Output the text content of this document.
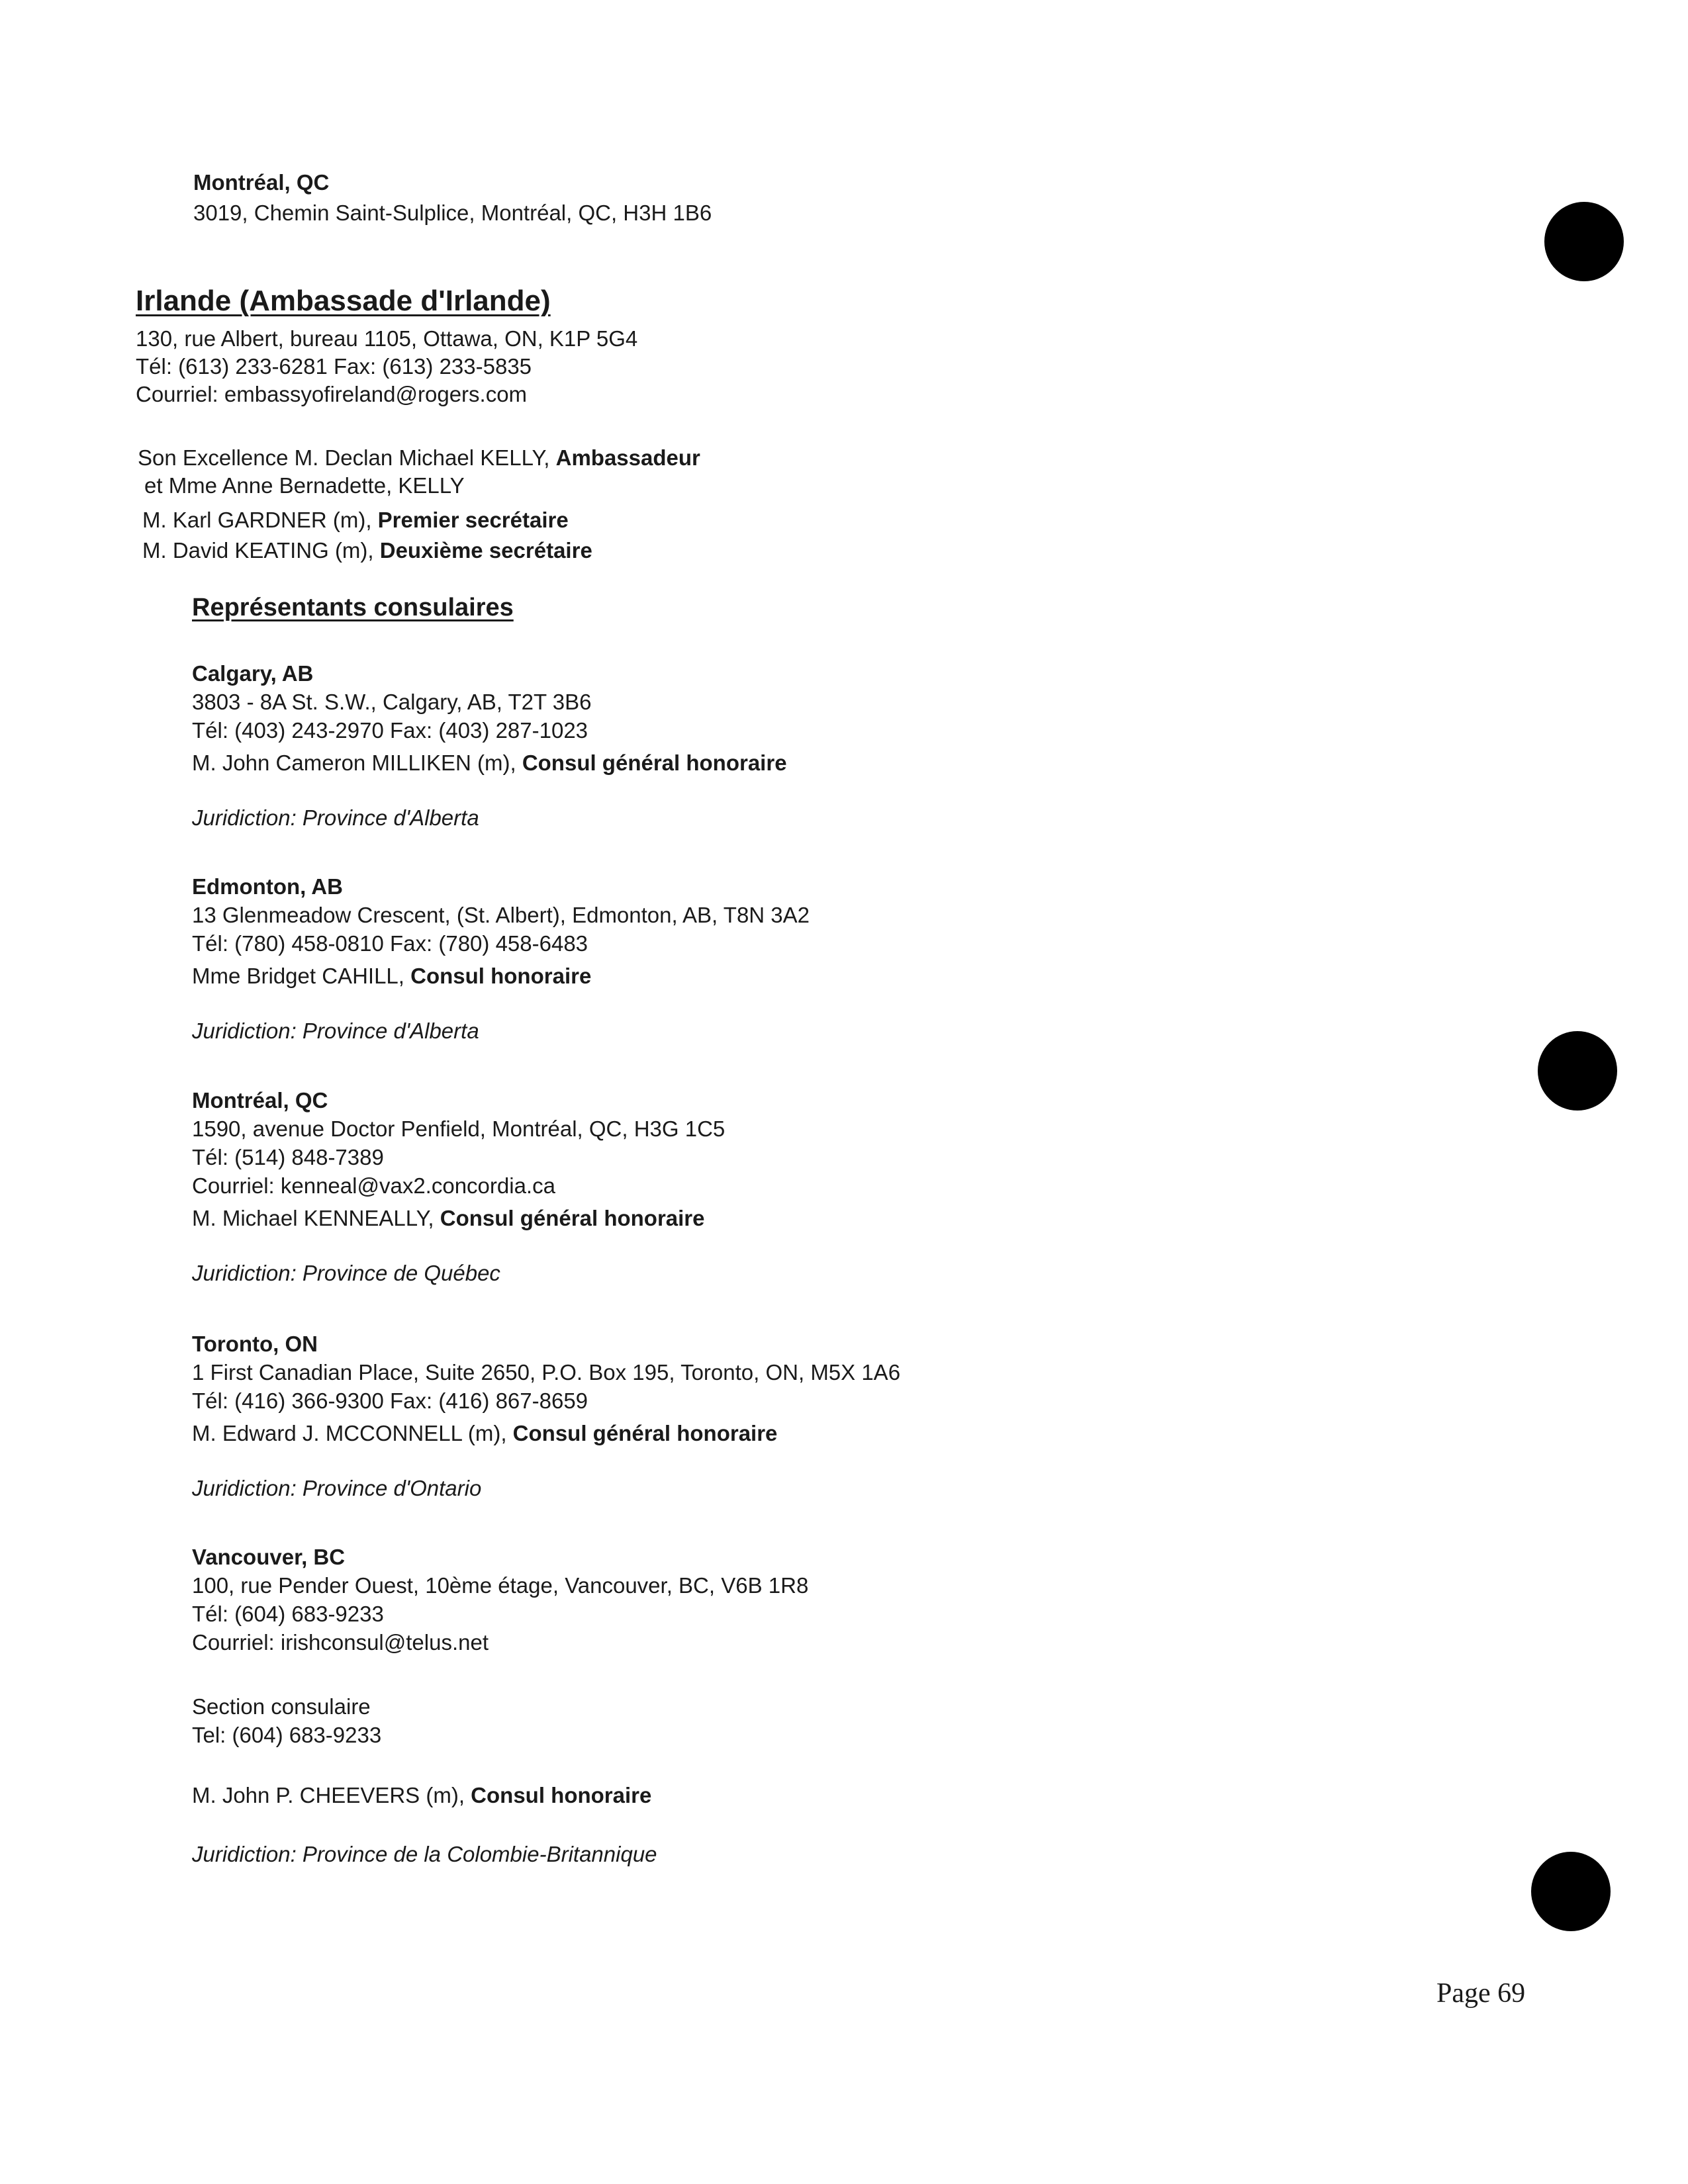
Montréal, QC
3019, Chemin Saint-Sulplice, Montréal, QC, H3H 1B6
Irlande (Ambassade d'Irlande)
130, rue Albert, bureau 1105, Ottawa, ON, K1P 5G4
Tél: (613) 233-6281 Fax: (613) 233-5835
Courriel: embassyofireland@rogers.com
Son Excellence M. Declan Michael KELLY, Ambassadeur
et Mme Anne Bernadette, KELLY
M. Karl GARDNER (m), Premier secrétaire
M. David KEATING (m), Deuxième secrétaire
Représentants consulaires
Calgary, AB
3803 - 8A St. S.W., Calgary, AB, T2T 3B6
Tél: (403) 243-2970 Fax: (403) 287-1023
M. John Cameron MILLIKEN (m), Consul général honoraire
Juridiction: Province d'Alberta
Edmonton, AB
13 Glenmeadow Crescent, (St. Albert), Edmonton, AB, T8N 3A2
Tél: (780) 458-0810 Fax: (780) 458-6483
Mme Bridget CAHILL, Consul honoraire
Juridiction: Province d'Alberta
Montréal, QC
1590, avenue Doctor Penfield, Montréal, QC, H3G 1C5
Tél: (514) 848-7389
Courriel: kenneal@vax2.concordia.ca
M. Michael KENNEALLY, Consul général honoraire
Juridiction: Province de Québec
Toronto, ON
1 First Canadian Place, Suite 2650, P.O. Box 195, Toronto, ON, M5X 1A6
Tél: (416) 366-9300 Fax: (416) 867-8659
M. Edward J. MCCONNELL (m), Consul général honoraire
Juridiction: Province d'Ontario
Vancouver, BC
100, rue Pender Ouest, 10ème étage, Vancouver, BC, V6B 1R8
Tél: (604) 683-9233
Courriel: irishconsul@telus.net
Section consulaire
Tel: (604) 683-9233
M. John P. CHEEVERS (m), Consul honoraire
Juridiction: Province de la Colombie-Britannique
Page 69
